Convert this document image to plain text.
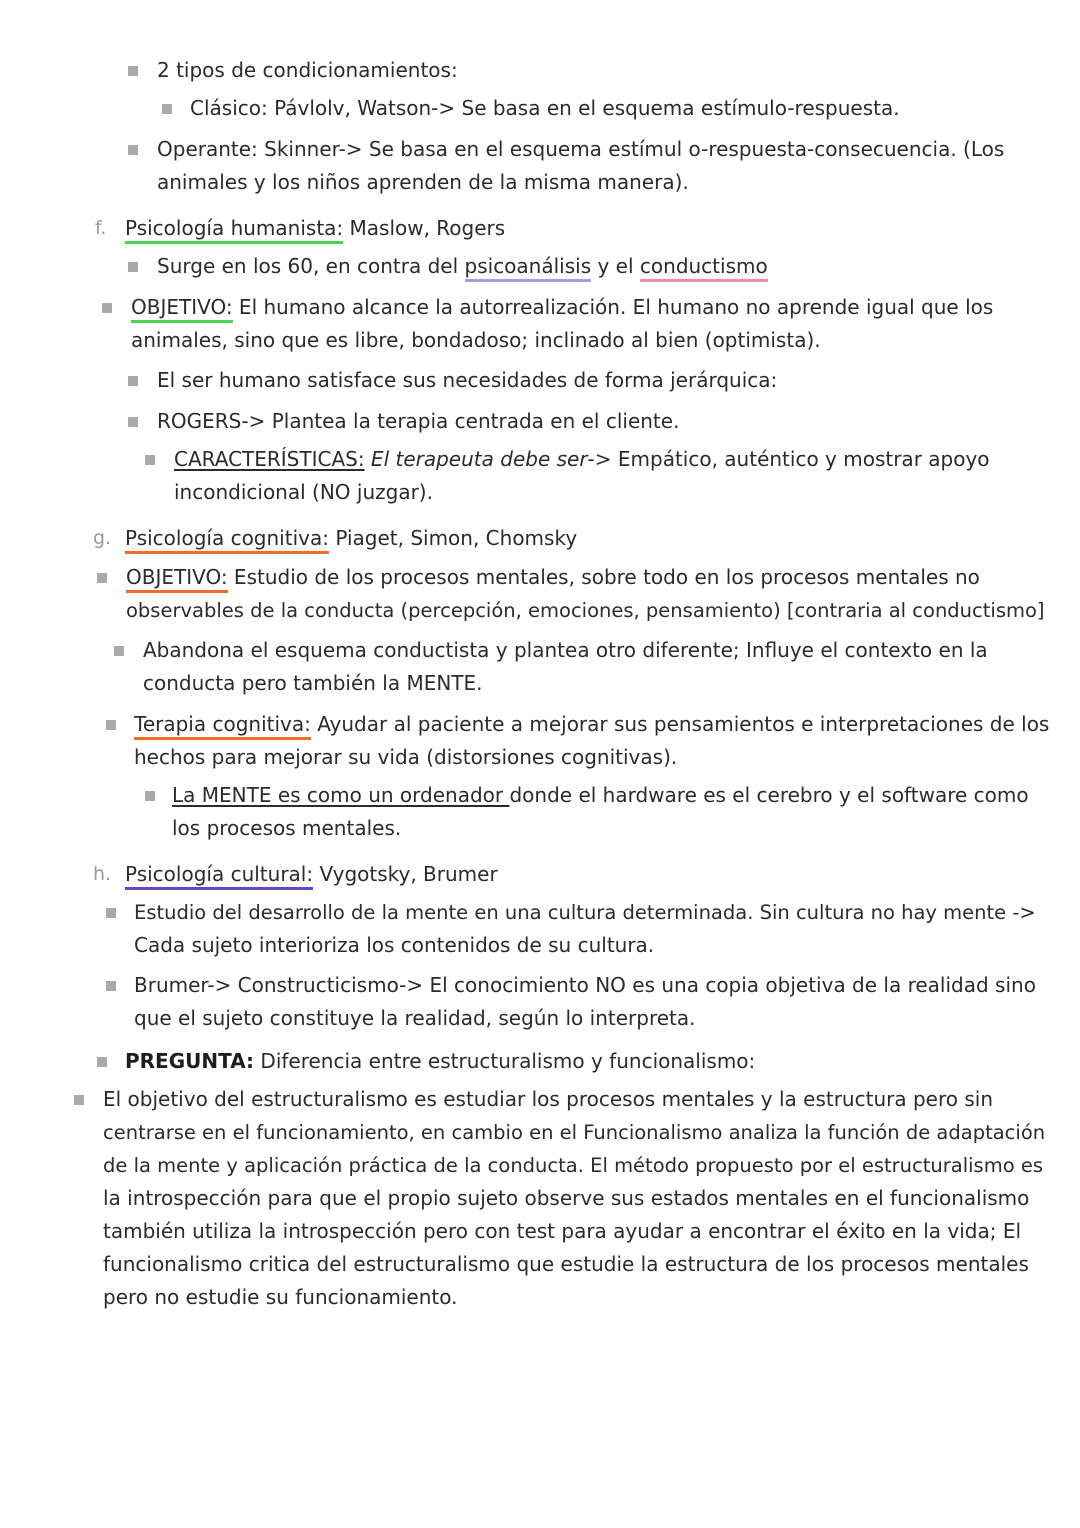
2 tipos de condicionamientos:
Clásico: Pávlolv, Watson-> Se basa en el esquema estímulo-respuesta.
Operante: Skinner-> Se basa en el esquema estímul o-respuesta-consecuencia. (Los
animales y los niños aprenden de la misma manera).
f. Psicología humanista: Maslow, Rogers
Surge en los 60, en contra del psicoanálisis y el conductismo
OBJETIVO: El humano alcance la autorrealización. El humano no aprende igual que los
animales, sino que es libre, bondadoso; inclinado al bien (optimista).
El ser humano satisface sus necesidades de forma jerárquica:
ROGERS-> Plantea la terapia centrada en el cliente.
CARACTERÍSTICAS: El terapeuta debe ser-> Empático, auténtico y mostrar apoyo
incondicional (NO juzgar).
g. Psicología cognitiva: Piaget, Simon, Chomsky
OBJETIVO: Estudio de los procesos mentales, sobre todo en los procesos mentales no
observables de la conducta (percepción, emociones, pensamiento) [contraria al conductismo]
Abandona el esquema conductista y plantea otro diferente; Influye el contexto en la
conducta pero también la MENTE.
Terapia cognitiva: Ayudar al paciente a mejorar sus pensamientos e interpretaciones de los
hechos para mejorar su vida (distorsiones cognitivas).
La MENTE es como un ordenador donde el hardware es el cerebro y el software como
los procesos mentales.
h. Psicología cultural: Vygotsky, Brumer
Estudio del desarrollo de la mente en una cultura determinada. Sin cultura no hay mente ->
Cada sujeto interioriza los contenidos de su cultura.
Brumer-> Constructicismo-> El conocimiento NO es una copia objetiva de la realidad sino
que el sujeto constituye la realidad, según lo interpreta.
PREGUNTA: Diferencia entre estructuralismo y funcionalismo:
El objetivo del estructuralismo es estudiar los procesos mentales y la estructura pero sin
centrarse en el funcionamiento, en cambio en el Funcionalismo analiza la función de adaptación
de la mente y aplicación práctica de la conducta. El método propuesto por el estructuralismo es
la introspección para que el propio sujeto observe sus estados mentales en el funcionalismo
también utiliza la introspección pero con test para ayudar a encontrar el éxito en la vida; El
funcionalismo critica del estructuralismo que estudie la estructura de los procesos mentales
pero no estudie su funcionamiento.
